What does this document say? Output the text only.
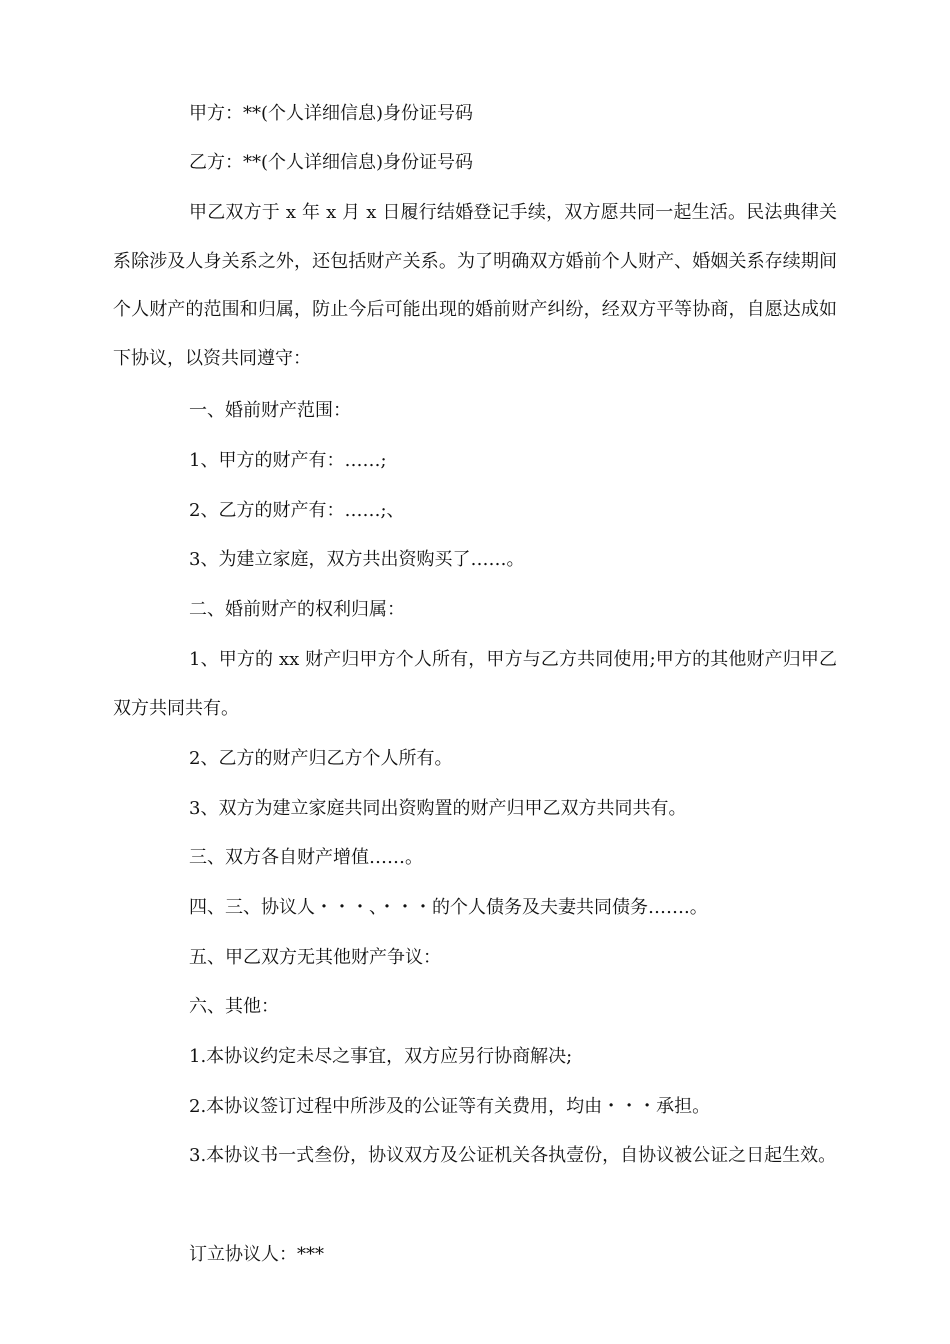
甲方：**(个人详细信息)身份证号码

乙方：**(个人详细信息)身份证号码

甲乙双方于 x 年 x 月 x 日履行结婚登记手续，双方愿共同一起生活。民法典律关系除涉及人身关系之外，还包括财产关系。为了明确双方婚前个人财产、婚姻关系存续期间个人财产的范围和归属，防止今后可能出现的婚前财产纠纷，经双方平等协商，自愿达成如下协议，以资共同遵守：

一、婚前财产范围：

1、甲方的财产有：……;

2、乙方的财产有：……;、

3、为建立家庭，双方共出资购买了……。

二、婚前财产的权利归属：

1、甲方的 xx 财产归甲方个人所有，甲方与乙方共同使用;甲方的其他财产归甲乙双方共同共有。

2、乙方的财产归乙方个人所有。

3、双方为建立家庭共同出资购置的财产归甲乙双方共同共有。

三、双方各自财产增值……。

四、三、协议人・・・、・・・的个人债务及夫妻共同债务…….。

五、甲乙双方无其他财产争议：

六、其他：

1.本协议约定未尽之事宜，双方应另行协商解决;

2.本协议签订过程中所涉及的公证等有关费用，均由・・・承担。

3.本协议书一式叁份，协议双方及公证机关各执壹份，自协议被公证之日起生效。

订立协议人：***
